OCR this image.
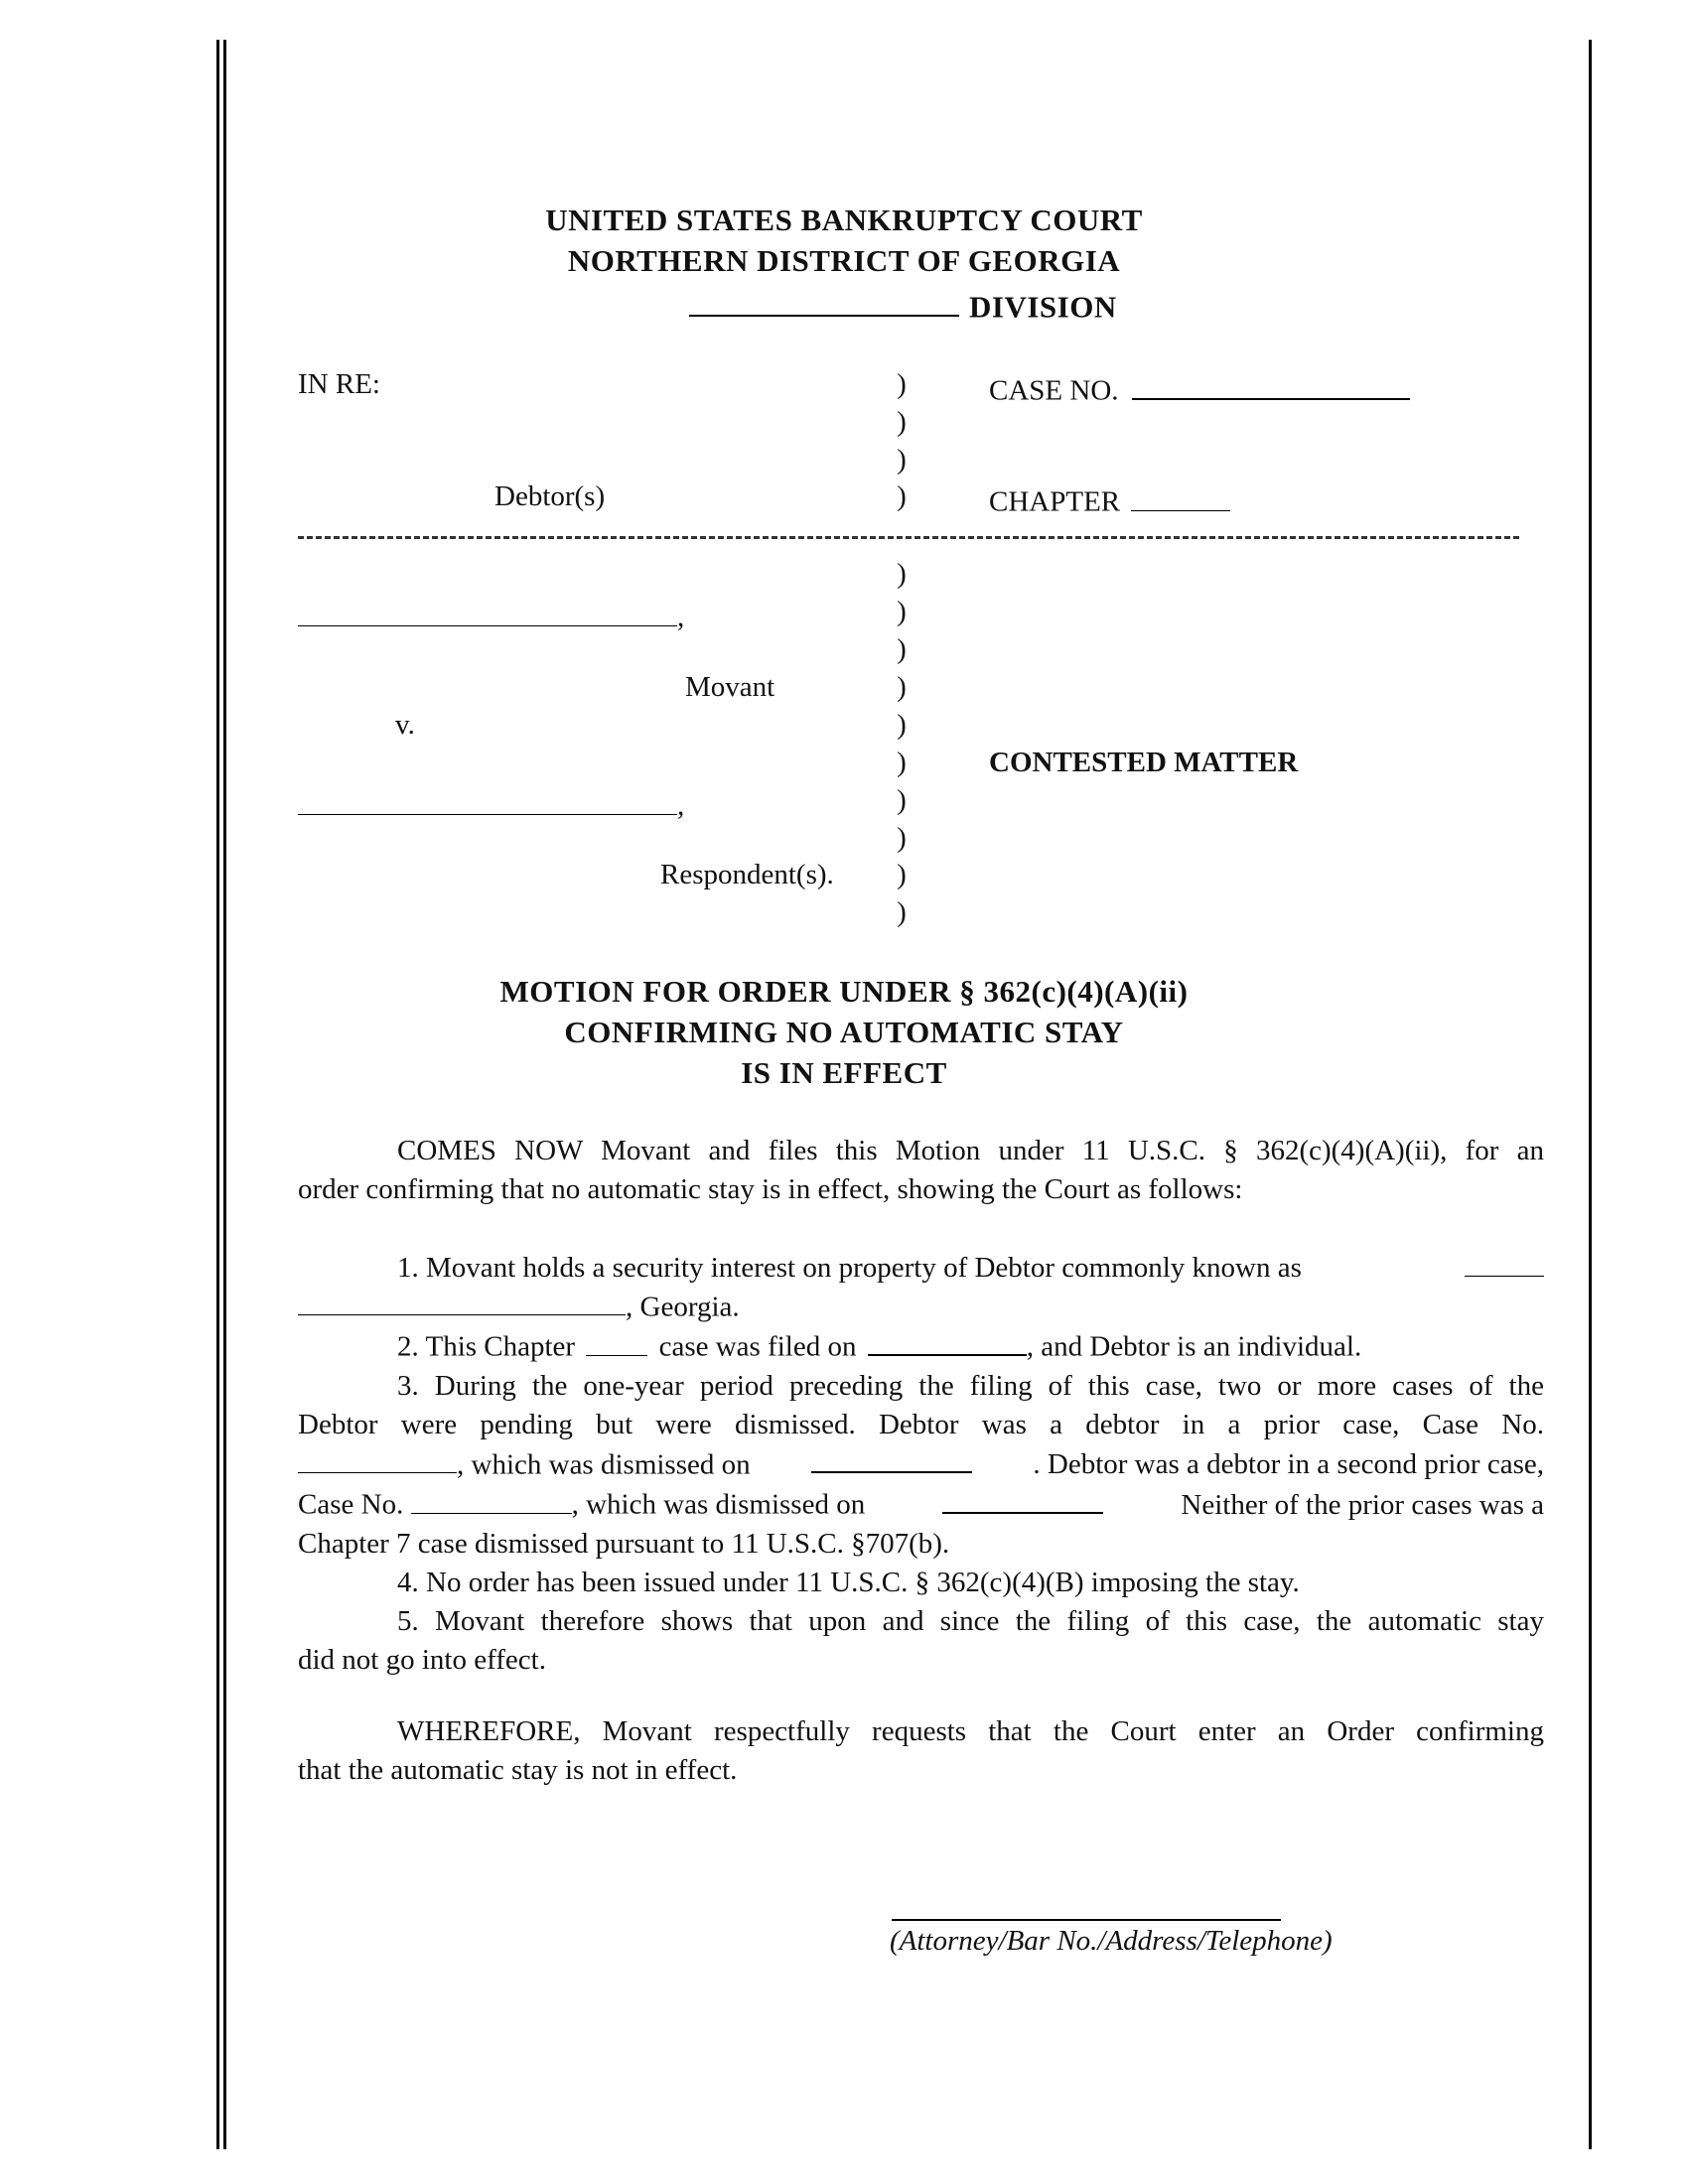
UNITED STATES BANKRUPTCY COURT
NORTHERN DISTRICT OF GEORGIA
DIVISION
IN RE:	CASE NO.
Debtor(s)	CHAPTER
)
)
)
)
,
Movant
v.
CONTESTED MATTER
,
Respondent(s).
)
)
)
)
)
)
)
)
)
)
MOTION FOR ORDER UNDER § 362(c)(4)(A)(ii)
CONFIRMING NO AUTOMATIC STAY
IS IN EFFECT
COMES NOW Movant and files this Motion under 11 U.S.C. § 362(c)(4)(A)(ii), for an
order confirming that no automatic stay is in effect, showing the Court as follows:
1. Movant holds a security interest on property of Debtor commonly known as
, Georgia.
2. This Chapter	case was filed on	, and Debtor is an individual.
3. During the one-year period preceding the filing of this case, two or more cases of the
Debtor were pending but were dismissed. Debtor was a debtor in a prior case, Case No.
, which was dismissed on	. Debtor was a debtor in a second prior case,
Case No.	, which was dismissed on	Neither of the prior cases was a
Chapter 7 case dismissed pursuant to 11 U.S.C. §707(b).
4. No order has been issued under 11 U.S.C. § 362(c)(4)(B) imposing the stay.
5. Movant therefore shows that upon and since the filing of this case, the automatic stay
did not go into effect.
WHEREFORE, Movant respectfully requests that the Court enter an Order confirming
that the automatic stay is not in effect.
(Attorney/Bar No./Address/Telephone)
